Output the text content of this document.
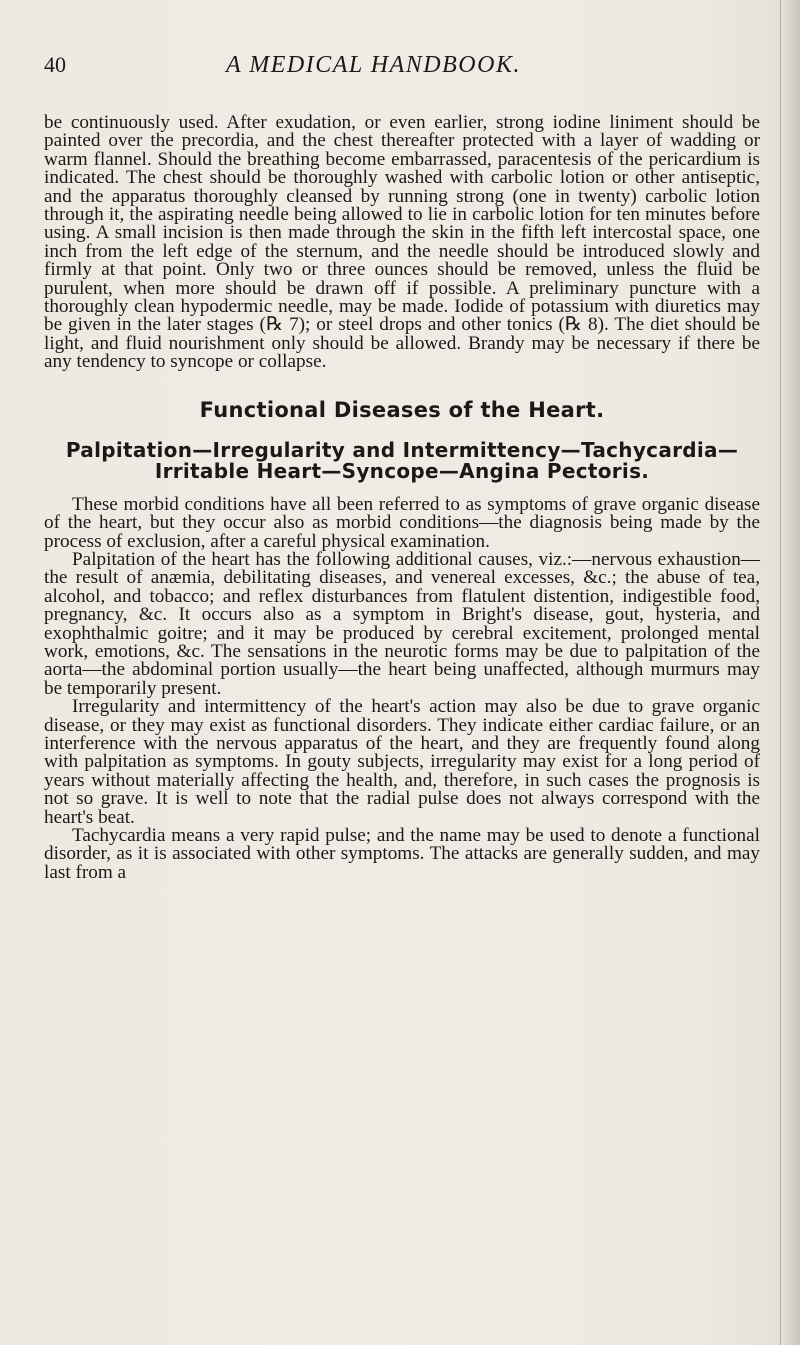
40	A MEDICAL HANDBOOK.

be continuously used. After exudation, or even earlier, strong iodine liniment should be painted over the precordia, and the chest thereafter protected with a layer of wadding or warm flannel. Should the breathing become embarrassed, paracentesis of the pericardium is indicated. The chest should be thoroughly washed with carbolic lotion or other antiseptic, and the apparatus thoroughly cleansed by running strong (one in twenty) carbolic lotion through it, the aspirating needle being allowed to lie in carbolic lotion for ten minutes before using. A small incision is then made through the skin in the fifth left intercostal space, one inch from the left edge of the sternum, and the needle should be introduced slowly and firmly at that point. Only two or three ounces should be removed, unless the fluid be purulent, when more should be drawn off if possible. A preliminary puncture with a thoroughly clean hypodermic needle, may be made. Iodide of potassium with diuretics may be given in the later stages (℞ 7); or steel drops and other tonics (℞ 8). The diet should be light, and fluid nourishment only should be allowed. Brandy may be necessary if there be any tendency to syncope or collapse.

Functional Diseases of the Heart.
Palpitation—Irregularity and Intermittency—Tachycardia—
Irritable Heart—Syncope—Angina Pectoris.

These morbid conditions have all been referred to as symptoms of grave organic disease of the heart, but they occur also as morbid conditions—the diagnosis being made by the process of exclusion, after a careful physical examination.

Palpitation of the heart has the following additional causes, viz.:—nervous exhaustion—the result of anæmia, debilitating diseases, and venereal excesses, &c.; the abuse of tea, alcohol, and tobacco; and reflex disturbances from flatulent distention, indigestible food, pregnancy, &c. It occurs also as a symptom in Bright's disease, gout, hysteria, and exophthalmic goitre; and it may be produced by cerebral excitement, prolonged mental work, emotions, &c. The sensations in the neurotic forms may be due to palpitation of the aorta—the abdominal portion usually—the heart being unaffected, although murmurs may be temporarily present.

Irregularity and intermittency of the heart's action may also be due to grave organic disease, or they may exist as functional disorders. They indicate either cardiac failure, or an interference with the nervous apparatus of the heart, and they are frequently found along with palpitation as symptoms. In gouty subjects, irregularity may exist for a long period of years without materially affecting the health, and, therefore, in such cases the prognosis is not so grave. It is well to note that the radial pulse does not always correspond with the heart's beat.

Tachycardia means a very rapid pulse; and the name may be used to denote a functional disorder, as it is associated with other symptoms. The attacks are generally sudden, and may last from a
